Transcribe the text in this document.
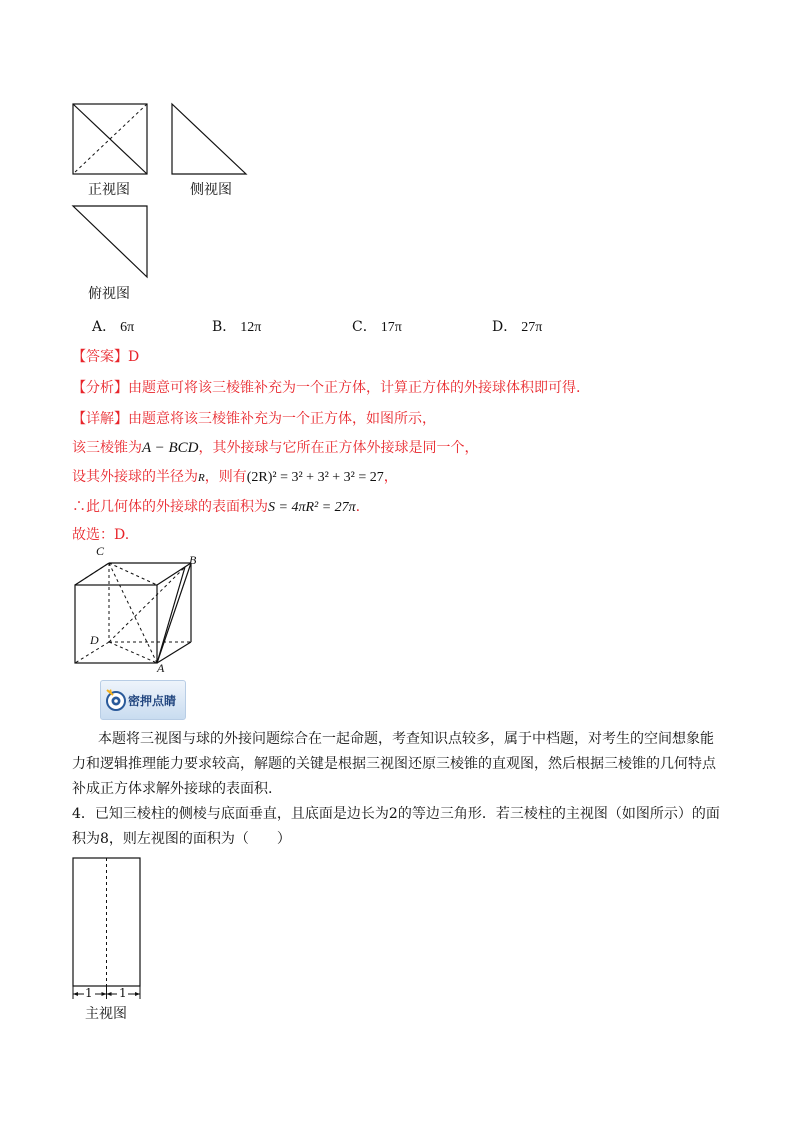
正视图	侧视图
俯视图
A． 6π	B． 12π	C． 17π	D． 27π
【答案】D
【分析】由题意可将该三棱锥补充为一个正方体，计算正方体的外接球体积即可得.
【详解】由题意将该三棱锥补充为一个正方体，如图所示，
该三棱锥为A − BCD，其外接球与它所在正方体外接球是同一个，
设其外接球的半径为R，则有(2R)² = 3² + 3² + 3² = 27，
∴此几何体的外接球的表面积为S = 4πR² = 27π.
故选：D.
C
B
D
A
密押点睛
本题将三视图与球的外接问题综合在一起命题，考查知识点较多，属于中档题，对考生的空间想象能
力和逻辑推理能力要求较高，解题的关键是根据三视图还原三棱锥的直观图，然后根据三棱锥的几何特点
补成正方体求解外接球的表面积.
4．已知三棱柱的侧棱与底面垂直，且底面是边长为2的等边三角形．若三棱柱的主视图（如图所示）的面
积为8，则左视图的面积为（　　）
1 1
主视图
